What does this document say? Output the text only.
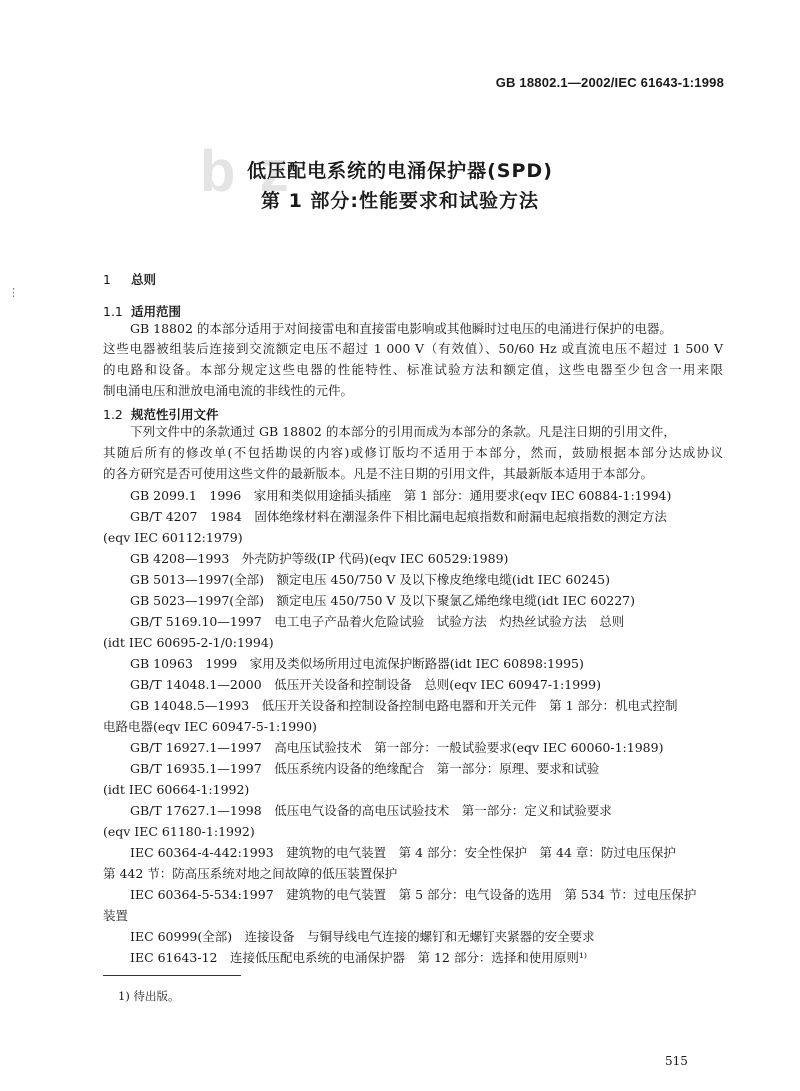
GB 18802.1—2002/IEC 61643-1:1998
b z
低压配电系统的电涌保护器(SPD)
第 1 部分:性能要求和试验方法
⋮
1 总则
1.1 适用范围
GB 18802 的本部分适用于对间接雷电和直接雷电影响或其他瞬时过电压的电涌进行保护的电器。
这些电器被组装后连接到交流额定电压不超过 1 000 V（有效值）、50/60 Hz 或直流电压不超过 1 500 V
的电路和设备。本部分规定这些电器的性能特性、标准试验方法和额定值，这些电器至少包含一用来限
制电涌电压和泄放电涌电流的非线性的元件。
1.2 规范性引用文件
下列文件中的条款通过 GB 18802 的本部分的引用而成为本部分的条款。凡是注日期的引用文件，
其随后所有的修改单(不包括勘误的内容)或修订版均不适用于本部分，然而，鼓励根据本部分达成协议
的各方研究是否可使用这些文件的最新版本。凡是不注日期的引用文件，其最新版本适用于本部分。
GB 2099.1　1996　家用和类似用途插头插座　第 1 部分：通用要求(eqv IEC 60884-1:1994)
GB/T 4207　1984　固体绝缘材料在潮湿条件下相比漏电起痕指数和耐漏电起痕指数的测定方法
(eqv IEC 60112:1979)
GB 4208—1993　外壳防护等级(IP 代码)(eqv IEC 60529:1989)
GB 5013—1997(全部)　额定电压 450/750 V 及以下橡皮绝缘电缆(idt IEC 60245)
GB 5023—1997(全部)　额定电压 450/750 V 及以下聚氯乙烯绝缘电缆(idt IEC 60227)
GB/T 5169.10—1997　电工电子产品着火危险试验　试验方法　灼热丝试验方法　总则
(idt IEC 60695-2-1/0:1994)
GB 10963　1999　家用及类似场所用过电流保护断路器(idt IEC 60898:1995)
GB/T 14048.1—2000　低压开关设备和控制设备　总则(eqv IEC 60947-1:1999)
GB 14048.5—1993　低压开关设备和控制设备控制电路电器和开关元件　第 1 部分：机电式控制
电路电器(eqv IEC 60947-5-1:1990)
GB/T 16927.1—1997　高电压试验技术　第一部分：一般试验要求(eqv IEC 60060-1:1989)
GB/T 16935.1—1997　低压系统内设备的绝缘配合　第一部分：原理、要求和试验
(idt IEC 60664-1:1992)
GB/T 17627.1—1998　低压电气设备的高电压试验技术　第一部分：定义和试验要求
(eqv IEC 61180-1:1992)
IEC 60364-4-442:1993　建筑物的电气装置　第 4 部分：安全性保护　第 44 章：防过电压保护
第 442 节：防高压系统对地之间故障的低压装置保护
IEC 60364-5-534:1997　建筑物的电气装置　第 5 部分：电气设备的选用　第 534 节：过电压保护
装置
IEC 60999(全部)　连接设备　与铜导线电气连接的螺钉和无螺钉夹紧器的安全要求
IEC 61643-12　连接低压配电系统的电涌保护器　第 12 部分：选择和使用原则¹⁾
1) 待出版。
515
